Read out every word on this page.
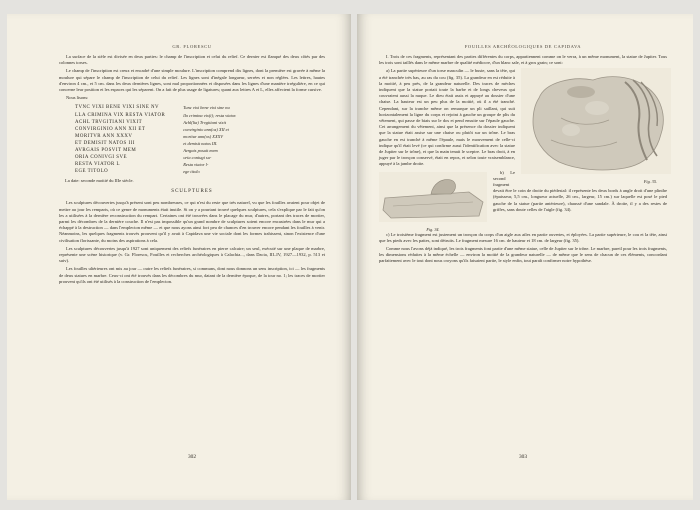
GR. FLORESCU

La surface de la stèle est divisée en deux parties: le champ de l'inscription et celui du relief. Ce dernier est flanqué des deux côtés par des colonnes torses.

Le champ de l'inscription est creux et encadré d'une simple moulure. L'inscription comprend dix lignes, dont la première est gravée à même la moulure qui sépare le champ de l'inscription de celui du relief. Les lignes sont d'inégale longueur, serrées et non réglées. Les lettres, hautes d'environ 4 cm., et 5 cm. dans les deux dernières lignes, sont mal proportionnées et disposées dans les lignes d'une manière irrégulière, en ce qui concerne leur position et les espaces qui les séparent. On a fait de plus usage de ligatures; quant aux lettres A et L, elles affectent la forme cursive.

Nous lisons:

TVNC VIXI BENE VIXI SINE NV
LLA CRIMINA VIX RESTA VIATOR
ACHL TRVGITIANI VIXIT
CONVIRGINIO ANN XII ET
MORITVR ANN XXXV
ET DEMISIT NATOS III
AVRGAIS POSVIT MEM
ORIA CONIVGI SVE
RESTA VIATOR L
EGE TITOLO
Tunc vixi bene vixi sine nu
lla crimina vix(i); resta viator.
Achl(lia) Trvgitiani vixit
convirginio ann(os) XII et
moritur ann(os) XXXV
et demisit natos III.
Avrgais posuit mem
oria coniugi su-
Resta viator l-
ege titolo
La date: seconde moitié du IIIe siècle.
SCULPTURES

Les sculptures découvertes jusqu'à présent sont peu nombreuses, ce qui n'est du reste que très naturel, vu que les fouilles avaient pour objet de mettre au jour les remparts, où ce genre de monuments était inutile. Si on y a pourtant trouvé quelques sculptures, cela s'explique par le fait qu'on les a utilisées à la dernière reconstruction du rempart. Certaines ont été trouvées dans le placage du mur, d'autres, portant des traces de mortier, parmi les décombres de la dernière couche. Il n'est pas impossible qu'un grand nombre de sculptures soient encore encastrées dans le mur qui a échappé à la destruction — dans l'emplecton même — et que nous ayons ainsi fort peu de chances d'en trouver encore pendant les fouilles à venir. Néanmoins, les quelques fragments trouvés prouvent qu'il y avait à Capidava une vie sociale dont les formes trahissent, sinon l'existence d'une civilisation florissante, du moins des aspirations à cela.

Les sculptures découvertes jusqu'à 1927 sont uniquement des reliefs funéraires en pierre calcaire; un seul, exécuté sur une plaque de marbre, représente une scène historique (v. Gr. Florescu, Fouilles et recherches archéologiques à Calachia..., dans Dacia, III–IV, 1927—1932, p. 513 et suiv).

Les fouilles ultérieures ont mis au jour — outre les reliefs funéraires, si communs, dont nous donnons un sens inscription, ici — les fragments de deux statues en marbre. Ceux-ci ont été trouvés dans les décombres du mur, datant de la dernière époque, de la tour no. 1; les traces de mortier prouvent qu'ils ont été utilisés à la construction de l'emplecton.

302
FOUILLES ARCHÉOLOGIQUES DE CAPIDAVA

I. Trois de ces fragments, représentant des parties différentes du corps, appartiennent comme on le verra, à un même monument, la statue de Jupiter. Tous les trois sont taillés dans le même marbre de qualité médiocre, d'un blanc sale, et à gros grain; ce sont:

Fig. 35.

a) La partie supérieure d'un torse masculin — le buste, sans la tête, qui a été tranchée très bas, au ras du cou (fig. 35). La grandeur en est réduite à la moitié, à peu près, de la grandeur naturelle. Des traces de mèches indiquent que la statue portait toute la barbe et de longs cheveux qui couvraient aussi la nuque. Le dieu était assis et appuyé au dossier d'une chaise. La hauteur est un peu plus de la moitié, où il a été tranché. Cependant, sur la tranche même on remarque un pli saillant, qui suit horizontalement la ligne du corps et rejoint à gauche un groupe de plis du vêtement, qui passe de biais sur le dos et pend ensuite sur l'épaule gauche. Cet arrangement du vêtement, ainsi que la présence du dossier indiquent que la statue était assise sur une chaise ou plutôt sur un trône. Le bras gauche en est tranché à même l'épaule, mais le mouvement de celle-ci indique qu'il était levé (ce qui confirme aussi l'identification avec la statue de Jupiter sur le trône), et que la main tenait le sceptre. Le bras droit, à en juger par le tronçon conservé, était en repos, et selon toute vraisemblance, appuyé à la jambe droite.

Fig. 34.

b) Le second fragment devait être le coin de droite du piédestal: il représente les deux bords à angle droit d'une plinthe (épaisseur, 5,5 cm., longueur actuelle, 26 cm., largeur, 15 cm.) sur laquelle est posé le pied gauche de la statue (partie antérieure), chaussé d'une sandale. À droite, il y a des restes de griffes, sans doute celles de l'aigle (fig. 34).

c) Le troisième fragment est justement un tronçon du corps d'un aigle aux ailes en partie ouvertes, et éployées. La partie supérieure, le cou et la tête, ainsi que les pieds avec les pattes, sont détruits. Le fragment mesure 16 cm. de hauteur et 18 cm. de largeur (fig. 35).

Comme nous l'avons déjà indiqué, les trois fragments font partie d'une même statue, celle de Jupiter sur le trône. Le marbre, pareil pour les trois fragments, les dimensions réduites à la même échelle — environ la moitié de la grandeur naturelle — de même que le sens de chacun de ces éléments, concordant parfaitement avec le tout dont nous croyons qu'ils faisaient partie, le style enfin, tout paraît confirmer notre hypothèse.

303
